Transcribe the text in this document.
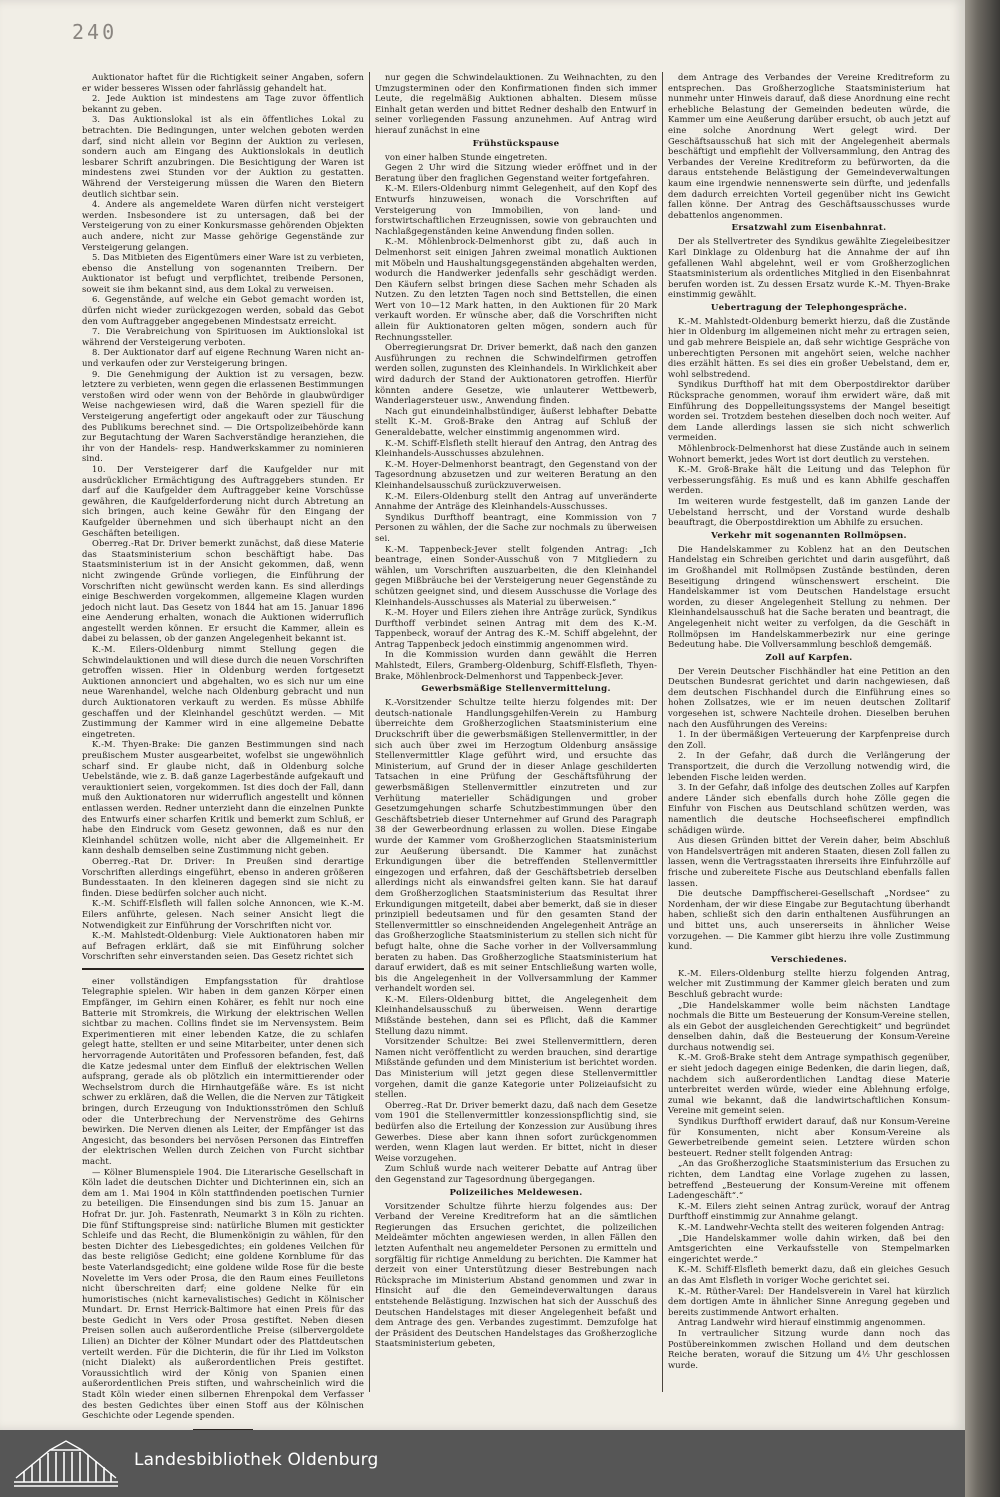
240

Auktionator haftet für die Richtigkeit seiner Angaben, sofern er wider besseres Wissen oder fahrlässig gehandelt hat.

2. Jede Auktion ist mindestens am Tage zuvor öffentlich bekannt zu geben.

3. Das Auktionslokal ist als ein öffentliches Lokal zu betrachten. Die Bedingungen, unter welchen geboten werden darf, sind nicht allein vor Beginn der Auktion zu verlesen, sondern auch am Eingang des Auktionslokals in deutlich lesbarer Schrift anzubringen. Die Besichtigung der Waren ist mindestens zwei Stunden vor der Auktion zu gestatten. Während der Versteigerung müssen die Waren den Bietern deutlich sichtbar sein.

4. Andere als angemeldete Waren dürfen nicht versteigert werden. Insbesondere ist zu untersagen, daß bei der Versteigerung von zu einer Konkursmasse gehörenden Objekten auch andere, nicht zur Masse gehörige Gegenstände zur Versteigerung gelangen.

5. Das Mitbieten des Eigentümers einer Ware ist zu verbieten, ebenso die Anstellung von sogenannten Treibern. Der Auktionator ist befugt und verpflichtet, treibende Personen, soweit sie ihm bekannt sind, aus dem Lokal zu verweisen.

6. Gegenstände, auf welche ein Gebot gemacht worden ist, dürfen nicht wieder zurückgezogen werden, sobald das Gebot den vom Auftraggeber angegebenen Mindestsatz erreicht.

7. Die Verabreichung von Spirituosen im Auktionslokal ist während der Versteigerung verboten.

8. Der Auktionator darf auf eigene Rechnung Waren nicht an- und verkaufen oder zur Versteigerung bringen.

9. Die Genehmigung der Auktion ist zu versagen, bezw. letztere zu verbieten, wenn gegen die erlassenen Bestimmungen verstoßen wird oder wenn von der Behörde in glaubwürdiger Weise nachgewiesen wird, daß die Waren speziell für die Versteigerung angefertigt oder angekauft oder zur Täuschung des Publikums berechnet sind. — Die Ortspolizeibehörde kann zur Begutachtung der Waren Sachverständige heranziehen, die ihr von der Handels- resp. Handwerkskammer zu nominieren sind.

10. Der Versteigerer darf die Kaufgelder nur mit ausdrücklicher Ermächtigung des Auftraggebers stunden. Er darf auf die Kaufgelder dem Auftraggeber keine Vorschüsse gewähren, die Kaufgelderforderung nicht durch Abtretung an sich bringen, auch keine Gewähr für den Eingang der Kaufgelder übernehmen und sich überhaupt nicht an den Geschäften beteiligen.

Oberreg.-Rat Dr. Driver bemerkt zunächst, daß diese Materie das Staatsministerium schon beschäftigt habe. Das Staatsministerium ist in der Ansicht gekommen, daß, wenn nicht zwingende Gründe vorliegen, die Einführung der Vorschriften nicht gewünscht werden kann. Es sind allerdings einige Beschwerden vorgekommen, allgemeine Klagen wurden jedoch nicht laut. Das Gesetz von 1844 hat am 15. Januar 1896 eine Aenderung erhalten, wonach die Auktionen widerruflich angestellt werden können. Er ersucht die Kammer, allein es dabei zu belassen, ob der ganzen Angelegenheit bekannt ist.

K.-M. Eilers-Oldenburg nimmt Stellung gegen die Schwindelauktionen und will diese durch die neuen Vorschriften getroffen wissen. Hier in Oldenburg werden fortgesetzt Auktionen annonciert und abgehalten, wo es sich nur um eine neue Warenhandel, welche nach Oldenburg gebracht und nun durch Auktionatoren verkauft zu werden. Es müsse Abhilfe geschaffen und der Kleinhandel geschützt werden. — Mit Zustimmung der Kammer wird in eine allgemeine Debatte eingetreten.

K.-M. Thyen-Brake: Die ganzen Bestimmungen sind nach preußischem Muster ausgearbeitet, wofelbst sie ungewöhnlich scharf sind. Er glaube nicht, daß in Oldenburg solche Uebelstände, wie z. B. daß ganze Lagerbestände aufgekauft und verauktioniert seien, vorgekommen. Ist dies doch der Fall, dann muß den Auktionatoren nur widerruflich angestellt und können entlassen werden. Redner unterzieht dann die einzelnen Punkte des Entwurfs einer scharfen Kritik und bemerkt zum Schluß, er habe den Eindruck vom Gesetz gewonnen, daß es nur den Kleinhandel schützen wolle, nicht aber die Allgemeinheit. Er kann deshalb demselben seine Zustimmung nicht geben.

Oberreg.-Rat Dr. Driver: In Preußen sind derartige Vorschriften allerdings eingeführt, ebenso in anderen größeren Bundesstaaten. In den kleineren dagegen sind sie nicht zu finden. Diese bedürfen solcher auch nicht.

K.-M. Schiff-Elsfleth will fallen solche Annoncen, wie K.-M. Eilers anführte, gelesen. Nach seiner Ansicht liegt die Notwendigkeit zur Einführung der Vorschriften nicht vor.

K.-M. Mahlstedt-Oldenburg: Viele Auktionatoren haben mir auf Befragen erklärt, daß sie mit Einführung solcher Vorschriften sehr einverstanden seien. Das Gesetz richtet sich

einer vollständigen Empfangsstation für drahtlose Telegraphie spielen. Wir haben in dem ganzen Körper einen Empfänger, im Gehirn einen Kohärer, es fehlt nur noch eine Batterie mit Stromkreis, die Wirkung der elektrischen Wellen sichtbar zu machen. Collins findet sie im Nervensystem. Beim Experimentieren mit einer lebenden Katze, die zu schlafen gelegt hatte, stellten er und seine Mitarbeiter, unter denen sich hervorragende Autoritäten und Professoren befanden, fest, daß die Katze jedesmal unter dem Einfluß der elektrischen Wellen aufsprang, gerade als ob plötzlich ein intermittierender oder Wechselstrom durch die Hirnhautgefäße wäre. Es ist nicht schwer zu erklären, daß die Wellen, die die Nerven zur Tätigkeit bringen, durch Erzeugung von Induktionsströmen den Schluß oder die Unterbrechung der Nervenströme des Gehirns bewirken. Die Nerven dienen als Leiter, der Empfänger ist das Angesicht, das besonders bei nervösen Personen das Eintreffen der elektrischen Wellen durch Zeichen von Furcht sichtbar macht.

— Kölner Blumenspiele 1904. Die Literarische Gesellschaft in Köln ladet die deutschen Dichter und Dichterinnen ein, sich an dem am 1. Mai 1904 in Köln stattfindenden poetischen Turnier zu beteiligen. Die Einsendungen sind bis zum 15. Januar an Hofrat Dr. jur. Joh. Fastenrath, Neumarkt 3 in Köln zu richten. Die fünf Stiftungspreise sind: natürliche Blumen mit gestickter Schleife und das Recht, die Blumenkönigin zu wählen, für den besten Dichter des Liebesgedichtes; ein goldenes Veilchen für das beste religiöse Gedicht; eine goldene Kornblume für das beste Vaterlandsgedicht; eine goldene wilde Rose für die beste Novelette im Vers oder Prosa, die den Raum eines Feuilletons nicht überschreiten darf; eine goldene Nelke für ein humoristisches (nicht karnevalistisches) Gedicht in Kölnischer Mundart. Dr. Ernst Herrick-Baltimore hat einen Preis für das beste Gedicht in Vers oder Prosa gestiftet. Neben diesen Preisen sollen auch außerordentliche Preise (silbervergoldete Lilien) an Dichter der Kölner Mundart oder des Plattdeutschen verteilt werden. Für die Dichterin, die für ihr Lied im Volkston (nicht Dialekt) als außerordentlichen Preis gestiftet. Voraussichtlich wird der König von Spanien einen außerordentlichen Preis stiften, und wahrscheinlich wird die Stadt Köln wieder einen silbernen Ehrenpokal dem Verfasser des besten Gedichtes über einen Stoff aus der Kölnischen Geschichte oder Legende spenden.

nur gegen die Schwindelauktionen. Zu Weihnachten, zu den Umzugsterminen oder den Konfirmationen finden sich immer Leute, die regelmäßig Auktionen abhalten. Diesem müsse Einhalt getan werden und bittet Redner deshalb den Entwurf in seiner vorliegenden Fassung anzunehmen. Auf Antrag wird hierauf zunächst in eine

Frühstückspause

von einer halben Stunde eingetreten.

Gegen 2 Uhr wird die Sitzung wieder eröffnet und in der Beratung über den fraglichen Gegenstand weiter fortgefahren.

K.-M. Eilers-Oldenburg nimmt Gelegenheit, auf den Kopf des Entwurfs hinzuweisen, wonach die Vorschriften auf Versteigerung von Immobilien, von land- und forstwirtschaftlichen Erzeugnissen, sowie von gebrauchten und Nachlaßgegenständen keine Anwendung finden sollen.

K.-M. Möhlenbrock-Delmenhorst gibt zu, daß auch in Delmenhorst seit einigen Jahren zweimal monatlich Auktionen mit Möbeln und Haushaltungsgegenständen abgehalten werden, wodurch die Handwerker jedenfalls sehr geschädigt werden. Den Käufern selbst bringen diese Sachen mehr Schaden als Nutzen. Zu den letzten Tagen noch sind Bettstellen, die einen Wert von 10—12 Mark hatten, in den Auktionen für 20 Mark verkauft worden. Er wünsche aber, daß die Vorschriften nicht allein für Auktionatoren gelten mögen, sondern auch für Rechnungssteller.

Oberregierungsrat Dr. Driver bemerkt, daß nach den ganzen Ausführungen zu rechnen die Schwindelfirmen getroffen werden sollen, zugunsten des Kleinhandels. In Wirklichkeit aber wird dadurch der Stand der Auktionatoren getroffen. Hierfür könnten andere Gesetze, wie unlauterer Wettbewerb, Wanderlagersteuer usw., Anwendung finden.

Nach gut einundeinhalbstündiger, äußerst lebhafter Debatte stellt K.-M. Groß-Brake den Antrag auf Schluß der Generaldebatte, welcher einstimmig angenommen wird.

K.-M. Schiff-Elsfleth stellt hierauf den Antrag, den Antrag des Kleinhandels-Ausschusses abzulehnen.

K.-M. Hoyer-Delmenhorst beantragt, den Gegenstand von der Tagesordnung abzusetzen und zur weiteren Beratung an den Kleinhandelsausschuß zurückzuverweisen.

K.-M. Eilers-Oldenburg stellt den Antrag auf unveränderte Annahme der Anträge des Kleinhandels-Ausschusses.

Syndikus Durfthoff beantragt, eine Kommission von 7 Personen zu wählen, der die Sache zur nochmals zu überweisen sei.

K.-M. Tappenbeck-Jever stellt folgenden Antrag: „Ich beantrage, einen Sonder-Ausschuß von 7 Mitgliedern zu wählen, um Vorschriften auszuarbeiten, die den Kleinhandel gegen Mißbräuche bei der Versteigerung neuer Gegenstände zu schützen geeignet sind, und diesem Ausschusse die Vorlage des Kleinhandels-Ausschusses als Material zu überweisen.“

K.-M. Hoyer und Eilers ziehen ihre Anträge zurück, Syndikus Durfthoff verbindet seinen Antrag mit dem des K.-M. Tappenbeck, worauf der Antrag des K.-M. Schiff abgelehnt, der Antrag Tappenbeck jedoch einstimmig angenommen wird.

In die Kommission wurden dann gewählt die Herren Mahlstedt, Eilers, Gramberg-Oldenburg, Schiff-Elsfleth, Thyen-Brake, Möhlenbrock-Delmenhorst und Tappenbeck-Jever.

Gewerbsmäßige Stellenvermittelung.

K.-Vorsitzender Schultze teilte hierzu folgendes mit: Der deutsch-nationale Handlungsgehilfen-Verein zu Hamburg überreichte dem Großherzoglichen Staatsministerium eine Druckschrift über die gewerbsmäßigen Stellenvermittler, in der sich auch über zwei im Herzogtum Oldenburg ansässige Stellenvermittler Klage geführt wird, und ersuchte das Ministerium, auf Grund der in dieser Anlage geschilderten Tatsachen in eine Prüfung der Geschäftsführung der gewerbsmäßigen Stellenvermittler einzutreten und zur Verhütung materieller Schädigungen und grober Gesetzumgehungen scharfe Schutzbestimmungen über den Geschäftsbetrieb dieser Unternehmer auf Grund des Paragraph 38 der Gewerbeordnung erlassen zu wollen. Diese Eingabe wurde der Kammer vom Großherzoglichen Staatsministerium zur Aeußerung übersandt. Die Kammer hat zunächst Erkundigungen über die betreffenden Stellenvermittler eingezogen und erfahren, daß der Geschäftsbetrieb derselben allerdings nicht als einwandsfrei gelten kann. Sie hat darauf dem Großherzoglichen Staatsministerium das Resultat ihrer Erkundigungen mitgeteilt, dabei aber bemerkt, daß sie in dieser prinzipiell bedeutsamen und für den gesamten Stand der Stellenvermittler so einschneidenden Angelegenheit Anträge an das Großherzogliche Staatsministerium zu stellen sich nicht für befugt halte, ohne die Sache vorher in der Vollversammlung beraten zu haben. Das Großherzogliche Staatsministerium hat darauf erwidert, daß es mit seiner Entschließung warten wolle, bis die Angelegenheit in der Vollversammlung der Kammer verhandelt worden sei.

K.-M. Eilers-Oldenburg bittet, die Angelegenheit dem Kleinhandelsausschuß zu überweisen. Wenn derartige Mißstände bestehen, dann sei es Pflicht, daß die Kammer Stellung dazu nimmt.

Vorsitzender Schultze: Bei zwei Stellenvermittlern, deren Namen nicht veröffentlicht zu werden brauchen, sind derartige Mißstände gefunden und dem Ministerium ist berichtet worden. Das Ministerium will jetzt gegen diese Stellenvermittler vorgehen, damit die ganze Kategorie unter Polizeiaufsicht zu stellen.

Oberreg.-Rat Dr. Driver bemerkt dazu, daß nach dem Gesetze vom 1901 die Stellenvermittler konzessionspflichtig sind, sie bedürfen also die Erteilung der Konzession zur Ausübung ihres Gewerbes. Diese aber kann ihnen sofort zurückgenommen werden, wenn Klagen laut werden. Er bittet, nicht in dieser Weise vorzugehen.

Zum Schluß wurde nach weiterer Debatte auf Antrag über den Gegenstand zur Tagesordnung übergegangen.

Polizeiliches Meldewesen.

Vorsitzender Schultze führte hierzu folgendes aus: Der Verband der Vereine Kreditreform hat an die sämtlichen Regierungen das Ersuchen gerichtet, die polizeilichen Meldeämter möchten angewiesen werden, in allen Fällen den letzten Aufenthalt neu angemeldeter Personen zu ermitteln und sorgfältig für richtige Anmeldung zu berichten. Die Kammer hat derzeit von einer Unterstützung dieser Bestrebungen nach Rücksprache im Ministerium Abstand genommen und zwar in Hinsicht auf die den Gemeindeverwaltungen daraus entstehende Belästigung. Inzwischen hat sich der Ausschuß des Deutschen Handelstages mit dieser Angelegenheit befaßt und dem Antrage des gen. Verbandes zugestimmt. Demzufolge hat der Präsident des Deutschen Handelstages das Großherzogliche Staatsministerium gebeten,

dem Antrage des Verbandes der Vereine Kreditreform zu entsprechen. Das Großherzogliche Staatsministerium hat nunmehr unter Hinweis darauf, daß diese Anordnung eine recht erhebliche Belastung der Gemeinden bedeuten würde, die Kammer um eine Aeußerung darüber ersucht, ob auch jetzt auf eine solche Anordnung Wert gelegt wird. Der Geschäftsausschuß hat sich mit der Angelegenheit abermals beschäftigt und empfiehlt der Vollversammlung, den Antrag des Verbandes der Vereine Kreditreform zu befürworten, da die daraus entstehende Belästigung der Gemeindeverwaltungen kaum eine irgendwie nennenswerte sein dürfte, und jedenfalls dem dadurch erreichten Vorteil gegenüber nicht ins Gewicht fallen könne. Der Antrag des Geschäftsausschusses wurde debattenlos angenommen.

Ersatzwahl zum Eisenbahnrat.

Der als Stellvertreter des Syndikus gewählte Ziegeleibesitzer Karl Dinklage zu Oldenburg hat die Annahme der auf ihn gefallenen Wahl abgelehnt, weil er vom Großherzoglichen Staatsministerium als ordentliches Mitglied in den Eisenbahnrat berufen worden ist. Zu dessen Ersatz wurde K.-M. Thyen-Brake einstimmig gewählt.

Uebertragung der Telephongespräche.

K.-M. Mahlstedt-Oldenburg bemerkt hierzu, daß die Zustände hier in Oldenburg im allgemeinen nicht mehr zu ertragen seien, und gab mehrere Beispiele an, daß sehr wichtige Gespräche von unberechtigten Personen mit angehört seien, welche nachher dies erzählt hätten. Es sei dies ein großer Uebelstand, dem er, wohl selbstredend.

Syndikus Durfthoff hat mit dem Oberpostdirektor darüber Rücksprache genommen, worauf ihm erwidert wäre, daß mit Einführung des Doppelleitungssystems der Mangel beseitigt worden sei. Trotzdem bestehen dieselben doch noch weiter. Auf dem Lande allerdings lassen sie sich nicht schwerlich vermeiden.

Möhlenbrock-Delmenhorst hat diese Zustände auch in seinem Wohnort bemerkt, jedes Wort ist dort deutlich zu verstehen.

K.-M. Groß-Brake hält die Leitung und das Telephon für verbesserungsfähig. Es muß und es kann Abhilfe geschaffen werden.

Im weiteren wurde festgestellt, daß im ganzen Lande der Uebelstand herrscht, und der Vorstand wurde deshalb beauftragt, die Oberpostdirektion um Abhilfe zu ersuchen.

Verkehr mit sogenannten Rollmöpsen.

Die Handelskammer zu Koblenz hat an den Deutschen Handelstag ein Schreiben gerichtet und darin ausgeführt, daß im Großhandel mit Rollmöpsen Zustände bestünden, deren Beseitigung dringend wünschenswert erscheint. Die Handelskammer ist vom Deutschen Handelstage ersucht worden, zu dieser Angelegenheit Stellung zu nehmen. Der Kleinhandelsausschuß hat die Sache beraten und beantragt, die Angelegenheit nicht weiter zu verfolgen, da die Geschäft in Rollmöpsen im Handelskammerbezirk nur eine geringe Bedeutung habe. Die Vollversammlung beschloß demgemäß.

Zoll auf Karpfen.

Der Verein Deutscher Fischhändler hat eine Petition an den Deutschen Bundesrat gerichtet und darin nachgewiesen, daß dem deutschen Fischhandel durch die Einführung eines so hohen Zollsatzes, wie er im neuen deutschen Zolltarif vorgesehen ist, schwere Nachteile drohen. Dieselben beruhen nach den Ausführungen des Vereins:

1. In der übermäßigen Verteuerung der Karpfenpreise durch den Zoll.

2. In der Gefahr, daß durch die Verlängerung der Transportzeit, die durch die Verzollung notwendig wird, die lebenden Fische leiden werden.

3. In der Gefahr, daß infolge des deutschen Zolles auf Karpfen andere Länder sich ebenfalls durch hohe Zölle gegen die Einfuhr von Fischen aus Deutschland schützen werden, was namentlich die deutsche Hochseefischerei empfindlich schädigen würde.

Aus diesen Gründen bittet der Verein daher, beim Abschluß von Handelsverträgen mit anderen Staaten, diesen Zoll fallen zu lassen, wenn die Vertragsstaaten ihrerseits ihre Einfuhrzölle auf frische und zubereitete Fische aus Deutschland ebenfalls fallen lassen.

Die deutsche Dampffischerei-Gesellschaft „Nordsee“ zu Nordenham, der wir diese Eingabe zur Begutachtung überhandt haben, schließt sich den darin enthaltenen Ausführungen an und bittet uns, auch unsererseits in ähnlicher Weise vorzugehen. — Die Kammer gibt hierzu ihre volle Zustimmung kund.

Verschiedenes.

K.-M. Eilers-Oldenburg stellte hierzu folgenden Antrag, welcher mit Zustimmung der Kammer gleich beraten und zum Beschluß gebracht wurde:

„Die Handelskammer wolle beim nächsten Landtage nochmals die Bitte um Besteuerung der Konsum-Vereine stellen, als ein Gebot der ausgleichenden Gerechtigkeit“ und begründet denselben dahin, daß die Besteuerung der Konsum-Vereine durchaus notwendig sei.

K.-M. Groß-Brake steht dem Antrage sympathisch gegenüber, er sieht jedoch dagegen einige Bedenken, die darin liegen, daß, nachdem sich außerordentlichen Landtag diese Materie unterbreitet werden würde, wieder eine Ablehnung erfolge, zumal wie bekannt, daß die landwirtschaftlichen Konsum-Vereine mit gemeint seien.

Syndikus Durfthoff erwidert darauf, daß nur Konsum-Vereine für Konsumenten, nicht aber Konsum-Vereine als Gewerbetreibende gemeint seien. Letztere würden schon besteuert. Redner stellt folgenden Antrag:

„An das Großherzogliche Staatsministerium das Ersuchen zu richten, dem Landtag eine Vorlage zugehen zu lassen, betreffend „Besteuerung der Konsum-Vereine mit offenem Ladengeschäft“.“

K.-M. Eilers zieht seinen Antrag zurück, worauf der Antrag Durfthoff einstimmig zur Annahme gelangt.

K.-M. Landwehr-Vechta stellt des weiteren folgenden Antrag:

„Die Handelskammer wolle dahin wirken, daß bei den Amtsgerichten eine Verkaufsstelle von Stempelmarken eingerichtet werde.“

K.-M. Schiff-Elsfleth bemerkt dazu, daß ein gleiches Gesuch an das Amt Elsfleth in voriger Woche gerichtet sei.

K.-M. Rüther-Varel: Der Handelsverein in Varel hat kürzlich dem dortigen Amte in ähnlicher Sinne Anregung gegeben und bereits zustimmende Antwort erhalten.

Antrag Landwehr wird hierauf einstimmig angenommen.

In vertraulicher Sitzung wurde dann noch das Postübereinkommen zwischen Holland und dem deutschen Reiche beraten, worauf die Sitzung um 4½ Uhr geschlossen wurde.

Landesbibliothek Oldenburg
